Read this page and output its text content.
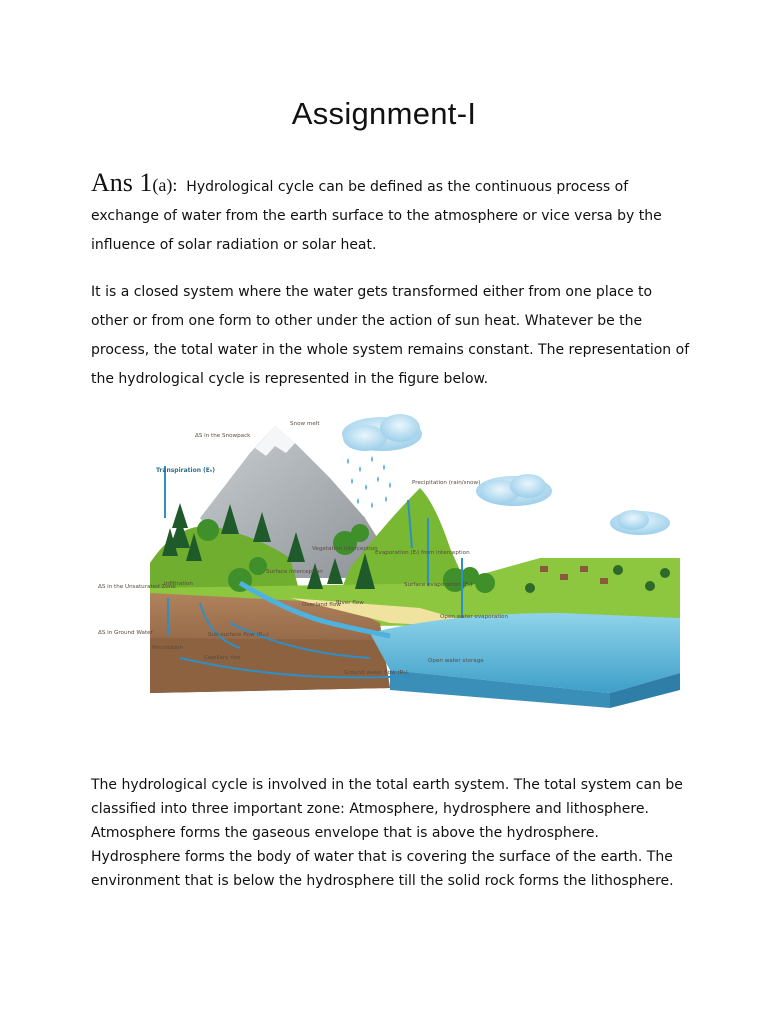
Assignment-I

Ans 1(a): Hydrological cycle can be defined as the continuous process of exchange of water from the earth surface to the atmosphere or vice versa by the influence of solar radiation or solar heat.

It is a closed system where the water gets transformed either from one place to other or from one form to other under the action of sun heat. Whatever be the process, the total water in the whole system remains constant. The representation of the hydrological cycle is represented in the figure below.

ΔS in the Snowpack
Snow melt
Transpiration (Eₜ)
Precipitation (rain/snow)
Vegetation interception
Evaporation (Eᵢ) from interception
Surface interception
ΔS in the Unsaturated Zone
Infiltration	Surface evaporation (Eₛ)
Overland flow
River flow
Open water evaporation
Sub-surface flow (Rₛₛ)
ΔS in Ground Water
Percolation
Capillary rise	Open water storage
Ground water flow (R₉)

The hydrological cycle is involved in the total earth system. The total system can be classified into three important zone: Atmosphere, hydrosphere and lithosphere. Atmosphere forms the gaseous envelope that is above the hydrosphere. Hydrosphere forms the body of water that is covering the surface of the earth. The environment that is below the hydrosphere till the solid rock forms the lithosphere.
